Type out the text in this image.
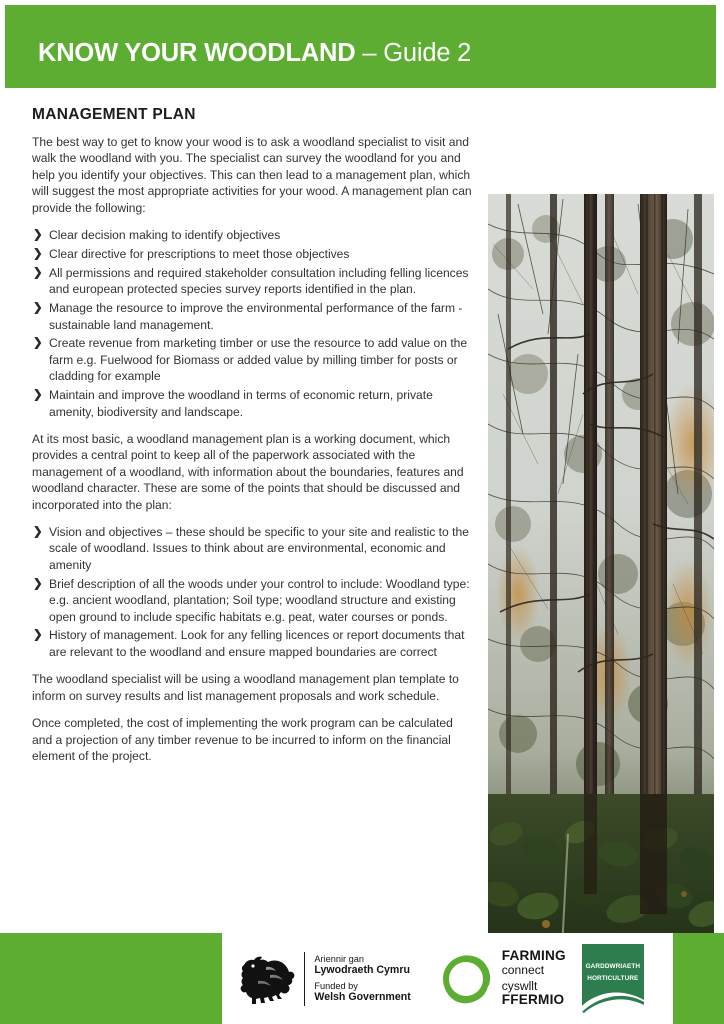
KNOW YOUR WOODLAND – Guide 2
MANAGEMENT PLAN
The best way to get to know your wood is to ask a woodland specialist to visit and walk the woodland with you. The specialist can survey the woodland for you and help you identify your objectives. This can then lead to a management plan, which will suggest the most appropriate activities for your wood. A management plan can provide the following:
❯ Clear decision making to identify objectives
❯ Clear directive for prescriptions to meet those objectives
❯ All permissions and required stakeholder consultation including felling licences and european protected species survey reports identified in the plan.
❯ Manage the resource to improve the environmental performance of the farm - sustainable land management.
❯ Create revenue from marketing timber or use the resource to add value on the farm e.g. Fuelwood for Biomass or added value by milling timber for posts or cladding for example
❯ Maintain and improve the woodland in terms of economic return, private amenity, biodiversity and landscape.
At its most basic, a woodland management plan is a working document, which provides a central point to keep all of the paperwork associated with the management of a woodland, with information about the boundaries, features and woodland character. These are some of the points that should be discussed and incorporated into the plan:
❯ Vision and objectives – these should be specific to your site and realistic to the scale of woodland. Issues to think about are environmental, economic and amenity
❯ Brief description of all the woods under your control to include: Woodland type: e.g. ancient woodland, plantation; Soil type; woodland structure and existing open ground to include specific habitats e.g. peat, water courses or ponds.
❯ History of management. Look for any felling licences or report documents that are relevant to the woodland and ensure mapped boundaries are correct
The woodland specialist will be using a woodland management plan template to inform on survey results and list management proposals and work schedule.
Once completed, the cost of implementing the work program can be calculated and a projection of any timber revenue to be incurred to inform on the financial element of the project.
Ariennir gan
Lywodraeth Cymru
Funded by
Welsh Government
FARMING
connect
cyswllt
FFERMIO
GARDDWRIAETH
HORTICULTURE
